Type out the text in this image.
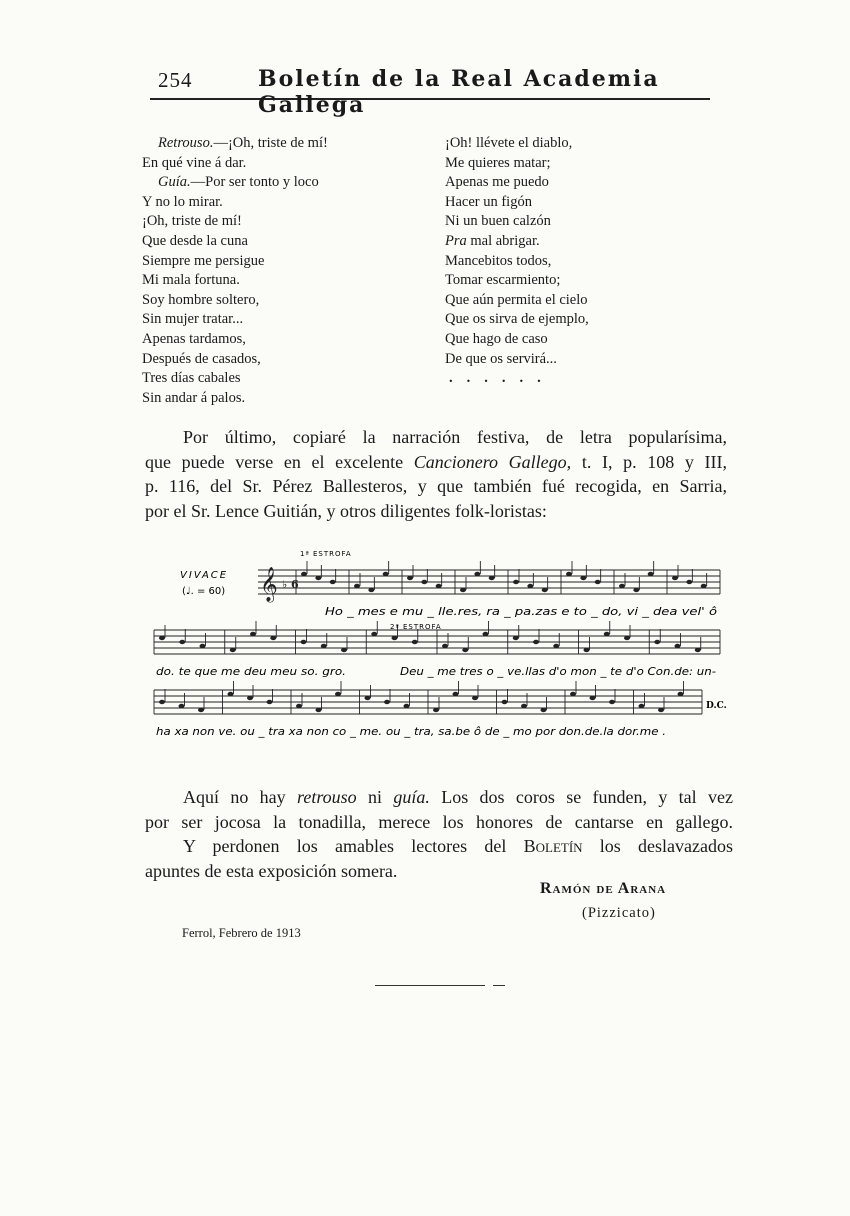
254	Boletín de la Real Academia Gallega
Retrouso.—¡Oh, triste de mí!
En qué vine á dar.
Guía.—Por ser tonto y loco
Y no lo mirar.
¡Oh, triste de mí!
Que desde la cuna
Siempre me persigue
Mi mala fortuna.
Soy hombre soltero,
Sin mujer tratar...
Apenas tardamos,
Después de casados,
Tres días cabales
Sin andar á palos.
¡Oh! llévete el diablo,
Me quieres matar;
Apenas me puedo
Hacer un figón
Ni un buen calzón
Pra mal abrigar.
Mancebitos todos,
Tomar escarmiento;
Que aún permita el cielo
Que os sirva de ejemplo,
Que hago de caso
De que os servirá...
......
Por último, copiaré la narración festiva, de letra popularísima,
que puede verse en el excelente Cancionero Gallego, t. I, p. 108 y III,
p. 116, del Sr. Pérez Ballesteros, y que también fué recogida, en Sarria,
por el Sr. Lence Guitián, y otros diligentes folk-loristas:
𝄞 ♭ 6
VIVACE
(♩. = 60)
1ª ESTROFA
2ª ESTROFA
Ho _ mes e mu _ lle.res, ra _ pa.zas e to _ do, vi _ dea vel' ô
do. te que me deu meu so. gro.	Deu _ me tres o _ ve.llas d'o mon _ te d'o Con.de: un-
ha xa non ve. ou _ tra xa non co _ me. ou _ tra, sa.be ô de _ mo por don.de.la dor.me .
D.C.
Aquí no hay retrouso ni guía. Los dos coros se funden, y tal vez
por ser jocosa la tonadilla, merece los honores de cantarse en gallego.
Y perdonen los amables lectores del Boletín los deslavazados
apuntes de esta exposición somera.
Ramón de Arana
(Pizzicato)
Ferrol, Febrero de 1913
